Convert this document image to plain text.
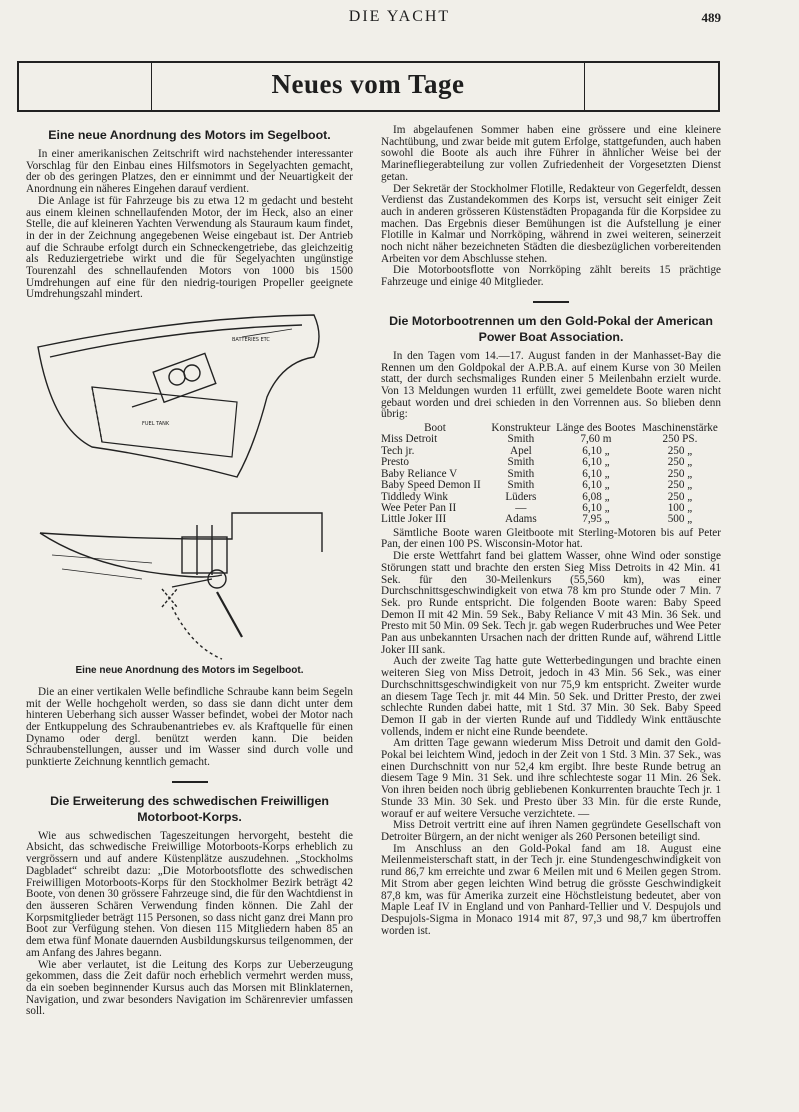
DIE YACHT	489
Neues vom Tage
Eine neue Anordnung des Motors im Segelboot.

In einer amerikanischen Zeitschrift wird nachstehender interessanter Vorschlag für den Einbau eines Hilfsmotors in Segelyachten gemacht, der ob des geringen Platzes, den er einnimmt und der Neuartigkeit der Anordnung ein näheres Eingehen darauf verdient.

Die Anlage ist für Fahrzeuge bis zu etwa 12 m gedacht und besteht aus einem kleinen schnellaufenden Motor, der im Heck, also an einer Stelle, die auf kleineren Yachten Verwendung als Stauraum kaum findet, in der in der Zeichnung angegebenen Weise eingebaut ist. Der Antrieb auf die Schraube erfolgt durch ein Schneckengetriebe, das gleichzeitig als Reduziergetriebe wirkt und die für Segelyachten ungünstige Tourenzahl des schnellaufenden Motors von 1000 bis 1500 Umdrehungen auf eine für den niedrig-tourigen Propeller geeignete Umdrehungszahl mindert.

BATTERIES ETC
FUEL TANK
Eine neue Anordnung des Motors im Segelboot.

Die an einer vertikalen Welle befindliche Schraube kann beim Segeln mit der Welle hochgeholt werden, so dass sie dann dicht unter dem hinteren Ueberhang sich ausser Wasser befindet, wobei der Motor nach der Entkuppelung des Schraubenantriebes ev. als Kraftquelle für einen Dynamo oder dergl. benützt werden kann. Die beiden Schraubenstellungen, ausser und im Wasser sind durch volle und punktierte Zeichnung kenntlich gemacht.

Die Erweiterung des schwedischen Freiwilligen Motorboot-Korps.

Wie aus schwedischen Tageszeitungen hervorgeht, besteht die Absicht, das schwedische Freiwillige Motorboots-Korps erheblich zu vergrössern und auf andere Küstenplätze auszudehnen. „Stockholms Dagbladet“ schreibt dazu: „Die Motorbootsflotte des schwedischen Freiwilligen Motorboots-Korps für den Stockholmer Bezirk beträgt 42 Boote, von denen 30 grössere Fahrzeuge sind, die für den Wachtdienst in den äusseren Schären Verwendung finden können. Die Zahl der Korpsmitglieder beträgt 115 Personen, so dass nicht ganz drei Mann pro Boot zur Verfügung stehen. Von diesen 115 Mitgliedern haben 85 an dem etwa fünf Monate dauernden Ausbildungskursus teilgenommen, der am Anfang des Jahres begann.

Wie aber verlautet, ist die Leitung des Korps zur Ueberzeugung gekommen, dass die Zeit dafür noch erheblich vermehrt werden muss, da ein soeben beginnender Kursus auch das Morsen mit Blinklaternen, Navigation, und zwar besonders Navigation im Schärenrevier umfassen soll.

Im abgelaufenen Sommer haben eine grössere und eine kleinere Nachtübung, und zwar beide mit gutem Erfolge, stattgefunden, auch haben sowohl die Boote als auch ihre Führer in ähnlicher Weise bei der Marinefliegerabteilung zur vollen Zufriedenheit der Vorgesetzten Dienst getan.

Der Sekretär der Stockholmer Flotille, Redakteur von Gegerfeldt, dessen Verdienst das Zustandekommen des Korps ist, versucht seit einiger Zeit auch in anderen grösseren Küstenstädten Propaganda für die Korpsidee zu machen. Das Ergebnis dieser Bemühungen ist die Aufstellung je einer Flotille in Kalmar und Norrköping, während in zwei weiteren, seinerzeit noch nicht näher bezeichneten Städten die diesbezüglichen vorbereitenden Arbeiten vor dem Abschlusse stehen.

Die Motorbootsflotte von Norrköping zählt bereits 15 prächtige Fahrzeuge und einige 40 Mitglieder.

Die Motorbootrennen um den Gold-Pokal der American Power Boat Association.

In den Tagen vom 14.—17. August fanden in der Manhasset-Bay die Rennen um den Goldpokal der A.P.B.A. auf einem Kurse von 30 Meilen statt, der durch sechsmaliges Runden einer 5 Meilenbahn erzielt wurde. Von 13 Meldungen wurden 11 erfüllt, zwei gemeldete Boote waren nicht gebaut worden und drei schieden in den Vorrennen aus. So blieben denn übrig:

Boot	Konstrukteur	Länge des Bootes	Maschinenstärke
Miss Detroit	Smith	7,60 m	250 PS.
Tech jr.	Apel	6,10 „	250 „
Presto	Smith	6,10 „	250 „
Baby Reliance V	Smith	6,10 „	250 „
Baby Speed Demon II	Smith	6,10 „	250 „
Tiddledy Wink	Lüders	6,08 „	250 „
Wee Peter Pan II	—	6,10 „	100 „
Little Joker III	Adams	7,95 „	500 „

Sämtliche Boote waren Gleitboote mit Sterling-Motoren bis auf Peter Pan, der einen 100 PS. Wisconsin-Motor hat.

Die erste Wettfahrt fand bei glattem Wasser, ohne Wind oder sonstige Störungen statt und brachte den ersten Sieg Miss Detroits in 42 Min. 41 Sek. für den 30-Meilenkurs (55,560 km), was einer Durchschnittsgeschwindigkeit von etwa 78 km pro Stunde oder 7 Min. 7 Sek. pro Runde entspricht. Die folgenden Boote waren: Baby Speed Demon II mit 42 Min. 59 Sek., Baby Reliance V mit 43 Min. 36 Sek. und Presto mit 50 Min. 09 Sek. Tech jr. gab wegen Ruderbruches und Wee Peter Pan aus unbekannten Ursachen nach der dritten Runde auf, während Little Joker III sank.

Auch der zweite Tag hatte gute Wetterbedingungen und brachte einen weiteren Sieg von Miss Detroit, jedoch in 43 Min. 56 Sek., was einer Durchschnittsgeschwindigkeit von nur 75,9 km entspricht. Zweiter wurde an diesem Tage Tech jr. mit 44 Min. 50 Sek. und Dritter Presto, der zwei schlechte Runden dabei hatte, mit 1 Std. 37 Min. 30 Sek. Baby Speed Demon II gab in der vierten Runde auf und Tiddledy Wink enttäuschte vollends, indem er nicht eine Runde beendete.

Am dritten Tage gewann wiederum Miss Detroit und damit den Gold-Pokal bei leichtem Wind, jedoch in der Zeit von 1 Std. 3 Min. 37 Sek., was einen Durchschnitt von nur 52,4 km ergibt. Ihre beste Runde betrug an diesem Tage 9 Min. 31 Sek. und ihre schlechteste sogar 11 Min. 26 Sek. Von ihren beiden noch übrig gebliebenen Konkurrenten brauchte Tech jr. 1 Stunde 33 Min. 30 Sek. und Presto über 33 Min. für die erste Runde, worauf er auf weitere Versuche verzichtete. —

Miss Detroit vertritt eine auf ihren Namen gegründete Gesellschaft von Detroiter Bürgern, an der nicht weniger als 260 Personen beteiligt sind.

Im Anschluss an den Gold-Pokal fand am 18. August eine Meilenmeisterschaft statt, in der Tech jr. eine Stundengeschwindigkeit von rund 86,7 km erreichte und zwar 6 Meilen mit und 6 Meilen gegen Strom. Mit Strom aber gegen leichten Wind betrug die grösste Geschwindigkeit 87,8 km, was für Amerika zurzeit eine Höchstleistung bedeutet, aber von Maple Leaf IV in England und von Panhard-Tellier und V. Despujols und Despujols-Sigma in Monaco 1914 mit 87, 97,3 und 98,7 km übertroffen worden ist.
